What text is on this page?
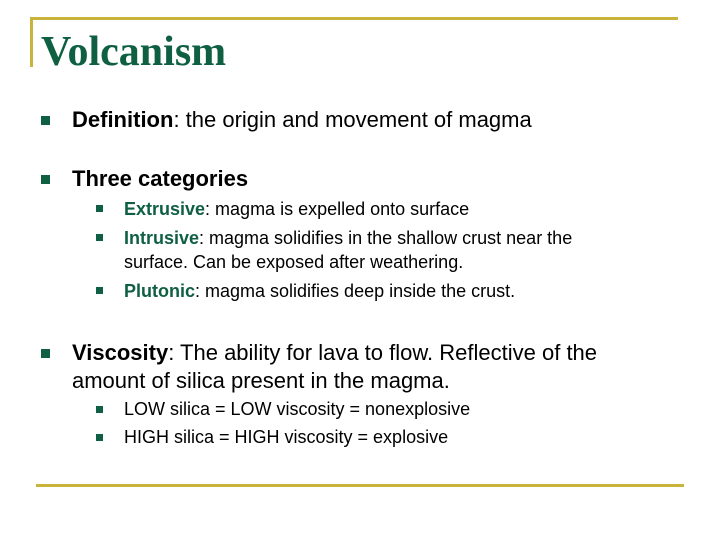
Volcanism
Definition: the origin and movement of magma
Three categories
Extrusive: magma is expelled onto surface
Intrusive: magma solidifies in the shallow crust near the
surface. Can be exposed after weathering.
Plutonic: magma solidifies deep inside the crust.
Viscosity: The ability for lava to flow. Reflective of the
amount of silica present in the magma.
LOW silica = LOW viscosity = nonexplosive
HIGH silica = HIGH viscosity = explosive
